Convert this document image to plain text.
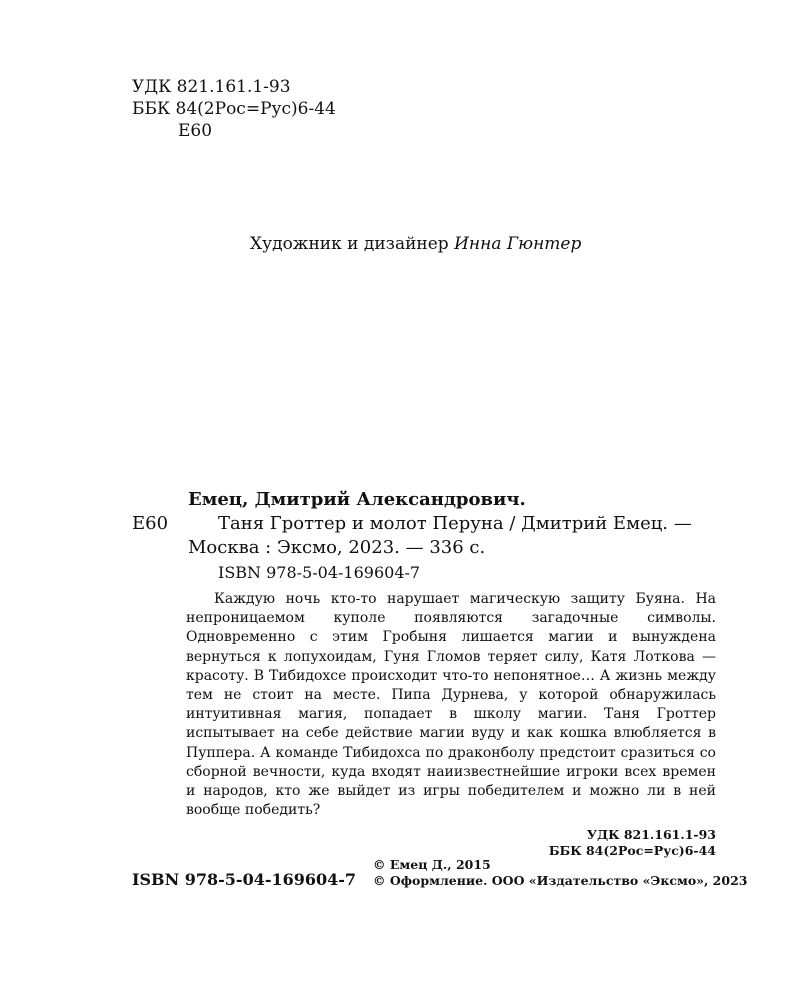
УДК 821.161.1-93
ББК 84(2Рос=Рус)6-44
Е60
Художник и дизайнер Инна Гюнтер
Емец, Дмитрий Александрович.
Е60	Таня Гроттер и молот Перуна / Дмитрий Емец. —
Москва : Эксмо, 2023. — 336 с.
ISBN 978-5-04-169604-7
Каждую ночь кто-то нарушает магическую защиту Буяна. На непроницаемом куполе появляются загадочные символы. Одновременно с этим Гробыня лишается магии и вынуждена вернуться к лопухоидам, Гуня Гломов теряет силу, Катя Лоткова — красоту. В Тибидохсе происходит что-то непонятное… А жизнь между тем не стоит на месте. Пипа Дурнева, у которой обнаружилась интуитивная магия, попадает в школу магии. Таня Гроттер испытывает на себе действие магии вуду и как кошка влюбляется в Пуппера. А команде Тибидохса по драконболу предстоит сразиться со сборной вечности, куда входят наиизвестнейшие игроки всех времен и народов, кто же выйдет из игры победителем и можно ли в ней вообще победить?
УДК 821.161.1-93
ББК 84(2Рос=Рус)6-44
ISBN 978-5-04-169604-7
© Емец Д., 2015
© Оформление. ООО «Издательство «Эксмо», 2023
